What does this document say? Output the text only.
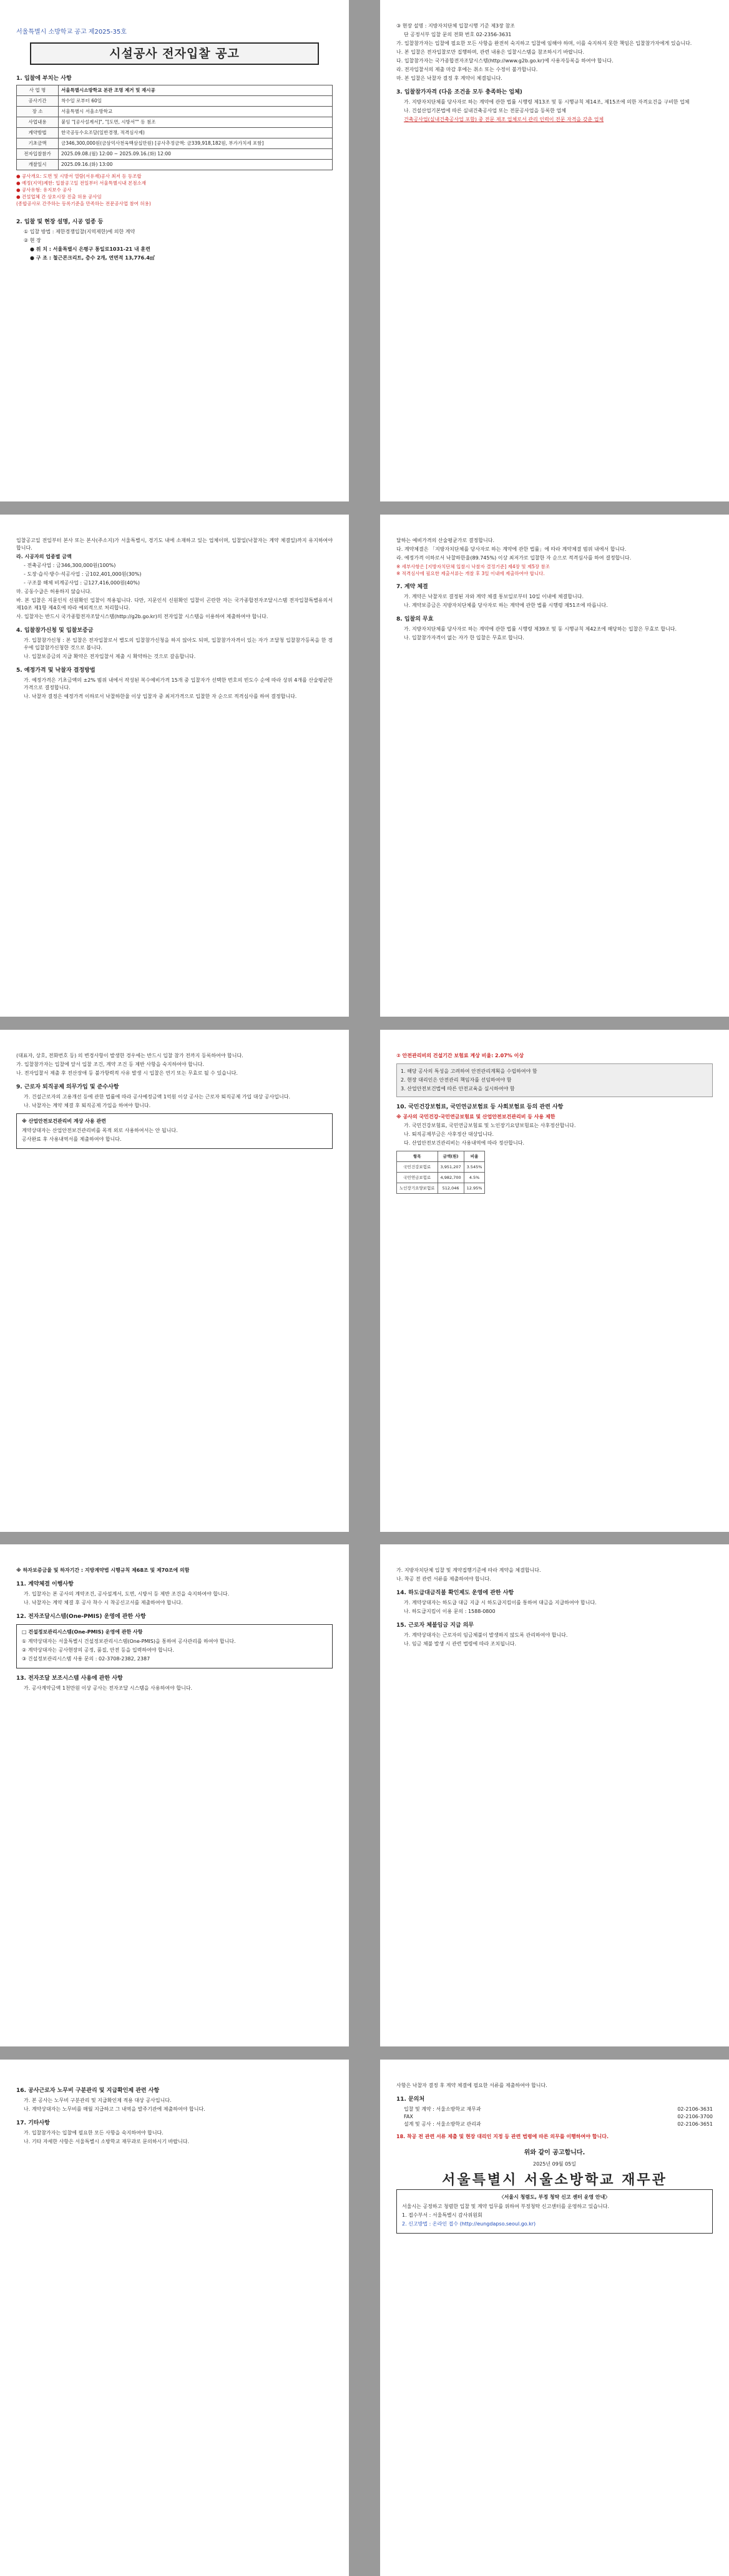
서울특별시 소방학교 공고 제2025-35호
시설공사 전자입찰 공고
1. 입찰에 부치는 사항
사 업 명	서울특별시소방학교 본관 조명 제거 및 재시공
공사기간	착수일 로부터 60일
장 소	서울특별시 서울소방학교
사업내용	붙임 "[공사설계서]", "[도면, 시방서"" 등 첨조
계약방법	한국공동수요조달(일반경쟁, 적격심사제)
기초금액	금346,300,000원(금삼억사천육백삼십만원) [공사추정금액: 금339,918,182원, 부가가치세 포함]
전자입찰참가	2025.09.08.(월) 12:00 ~ 2025.09.16.(화) 12:00
개찰일시	2025.09.16.(화) 13:00
● 공사개요: 도면 및 시방서 열람(서유재)공사 최저 등 등조합
● 예정(지역)제한: 입찰공고일 전일부터 서울특별시내 본점소재
● 공사유형: 유지보수 공사
● 건설업체 간 상호시장 진출 허용 공사임
(종합공사로 간주하는 등록기준을 만족하는 전문공사업 참여 허용)
2. 입찰 및 현장 설명, 시공 업종 등
① 입찰 방법 : 제한경쟁입찰(지역제한)에 의한 계약
② 현 장
● 위 치 : 서울특별시 은평구 통일로1031-21 내 훈련
● 구 조 : 철근콘크리트, 층수 2개, 연면적 13,776.4㎡
③ 현장 설명 : 지방자치단체 입찰시행 기준 제3장 참조
단 공정서부 입찰 문의 전화 번호 02-2356-3631
가. 입찰참가자는 입찰에 필요한 모든 사항을 완전히 숙지하고 입찰에 임해야 하며, 이를 숙지하지 못한 책임은 입찰참가자에게 있습니다.
나. 본 입찰은 전자입찰로만 집행하며, 관련 내용은 입찰시스템을 참조하시기 바랍니다.
다. 입찰참가자는 국가종합전자조달시스템(http://www.g2b.go.kr)에 사용자등록을 하여야 합니다.
라. 전자입찰서의 제출 마감 후에는 취소 또는 수정이 불가합니다.
마. 본 입찰은 낙찰자 결정 후 계약이 체결됩니다.
3. 입찰참가자격 (다음 조건을 모두 충족하는 업체)
가. 지방자치단체를 당사자로 하는 계약에 관한 법률 시행령 제13조 및 동 시행규칙 제14조, 제15조에 의한 자격요건을 구비한 업체
나. 건설산업기본법에 따른 실내건축공사업 또는 전문공사업을 등록한 업체
건축공사업(실내건축공사업 포함) 중 전문 제조 업체로서 관리 인력이 전문 자격을 갖춘 업체
입찰공고일 전일부터 본사 또는 본사(주소지)가 서울특별시, 경기도 내에 소재하고 있는 업체이며, 입찰일(낙찰자는 계약 체결일)까지 유지하여야 합니다.
라. 시공자의 업종별 금액
- 전축공사업 : 금346,300,000원(100%)
- 도장·습식·방수·석공사업 : 금102,401,000원(30%)
- 구조물 해체 비계공사업 : 금127,416,000원(40%)
마. 공동수급은 허용하지 않습니다.
바. 본 입찰은 지문인식 신원확인 입찰이 적용됩니다. 다만, 지문인식 신원확인 입찰이 곤란한 자는 국가종합전자조달시스템 전자입찰특별유의서 제10조 제1항 제4호에 따라 예외적으로 처리합니다.
사. 입찰자는 반드시 국가종합전자조달시스템(http://g2b.go.kr)의 전자입찰 시스템을 이용하여 제출하여야 합니다.
4. 입찰참가신청 및 입찰보증금
가. 입찰참가신청 : 본 입찰은 전자입찰로서 별도의 입찰참가신청을 하지 않아도 되며, 입찰참가자격이 있는 자가 조달청 입찰참가등록을 한 경우에 입찰참가신청한 것으로 봅니다.
나. 입찰보증금의 지급 확약은 전자입찰서 제출 시 확약하는 것으로 갈음합니다.
5. 예정가격 및 낙찰자 결정방법
가. 예정가격은 기초금액의 ±2% 범위 내에서 작성된 복수예비가격 15개 중 입찰자가 선택한 번호의 빈도수 순에 따라 상위 4개를 산술평균한 가격으로 결정합니다.
나. 낙찰자 결정은 예정가격 이하로서 낙찰하한율 이상 입찰자 중 최저가격으로 입찰한 자 순으로 적격심사를 하여 결정합니다.
달하는 예비가격의 산술평균가로 결정합니다.
다. 계약체결은 「지방자치단체를 당사자로 하는 계약에 관한 법률」에 따라 계약체결 범위 내에서 합니다.
라. 예정가격 이하로서 낙찰하한율(89.745%) 이상 최저가로 입찰한 자 순으로 적격심사를 하여 결정합니다.
※ 세부사항은 [지방자치단체 입찰시 낙찰자 결정기준] 제4장 및 제5장 참조
※ 적격심사에 필요한 제출서류는 개찰 후 3일 이내에 제출하여야 합니다.
7. 계약 체결
가. 계약은 낙찰자로 결정된 자와 계약 체결 통보일로부터 10일 이내에 체결합니다.
나. 계약보증금은 지방자치단체를 당사자로 하는 계약에 관한 법률 시행령 제51조에 따릅니다.
8. 입찰의 무효
가. 지방자치단체를 당사자로 하는 계약에 관한 법률 시행령 제39조 및 동 시행규칙 제42조에 해당하는 입찰은 무효로 합니다.
나. 입찰참가자격이 없는 자가 한 입찰은 무효로 합니다.
(대표자, 상호, 전화번호 등) 의 변경사항이 발생한 경우에는 반드시 입찰 참가 전까지 등록하여야 합니다.
가. 입찰참가자는 입찰에 앞서 입찰 조건, 계약 조건 등 제반 사항을 숙지하여야 합니다.
나. 전자입찰서 제출 후 전산장애 등 불가항력적 사유 발생 시 입찰은 연기 또는 무효로 될 수 있습니다.
9. 근로자 퇴직공제 의무가입 및 준수사항
가. 건설근로자의 고용개선 등에 관한 법률에 따라 공사예정금액 1억원 이상 공사는 근로자 퇴직공제 가입 대상 공사입니다.
나. 낙찰자는 계약 체결 후 퇴직공제 가입을 하여야 합니다.
※ 산업안전보건관리비 계상 사용 관련
계약상대자는 산업안전보건관리비를 목적 외로 사용하여서는 안 됩니다.
공사완료 후 사용내역서를 제출하여야 합니다.
② 안전관리비의 건설기간 보험료 계상 비율: 2.07% 이상
1. 해당 공사의 특성을 고려하여 안전관리계획을 수립하여야 함
2. 현장 대리인은 안전관리 책임자를 선임하여야 함
3. 산업안전보건법에 따른 안전교육을 실시하여야 함
10. 국민건강보험료, 국민연금보험료 등 사회보험료 등의 관련 사항
※ 공사의 국민건강·국민연금보험료 및 산업안전보건관리비 등 사용 제한
가. 국민건강보험료, 국민연금보험료 및 노인장기요양보험료는 사후정산합니다.
나. 퇴직공제부금은 사후정산 대상입니다.
다. 산업안전보건관리비는 사용내역에 따라 정산합니다.
항목	금액(원)	비율
국민건강보험료	3,951,207	3.545%
국민연금보험료	4,982,700	4.5%
노인장기요양보험료	512,046	12.95%
※ 하자보증금율 및 하자기간 : 지방계약법 시행규칙 제68조 및 제70조에 의함
11. 계약체결 이행사항
가. 입찰자는 본 공사의 계약조건, 공사설계서, 도면, 시방서 등 제반 조건을 숙지하여야 합니다.
나. 낙찰자는 계약 체결 후 공사 착수 시 착공신고서를 제출하여야 합니다.
12. 전자조달시스템(One-PMIS) 운영에 관한 사항
□ 건설정보관리시스템(One-PMIS) 운영에 관한 사항
① 계약상대자는 서울특별시 건설정보관리시스템(One-PMIS)을 통하여 공사관리를 하여야 합니다.
② 계약상대자는 공사현장의 공정, 품질, 안전 등을 입력하여야 합니다.
③ 건설정보관리시스템 사용 문의 : 02-3708-2382, 2387
13. 전자조달 보조시스템 사용에 관한 사항
가. 공사계약금액 1천만원 이상 공사는 전자조달 시스템을 사용하여야 합니다.
가. 지방자치단체 입찰 및 계약집행기준에 따라 계약을 체결합니다.
나. 착공 전 관련 서류를 제출하여야 합니다.
14. 하도급대금직불 확인제도 운영에 관한 사항
가. 계약상대자는 하도급 대금 지급 시 하도급지킴이를 통하여 대금을 지급하여야 합니다.
나. 하도급지킴이 이용 문의 : 1588-0800
15. 근로자 체불임금 지급 의무
가. 계약상대자는 근로자의 임금체불이 발생하지 않도록 관리하여야 합니다.
나. 임금 체불 발생 시 관련 법령에 따라 조치됩니다.
16. 공사근로자 노무비 구분관리 및 지급확인제 관련 사항
가. 본 공사는 노무비 구분관리 및 지급확인제 적용 대상 공사입니다.
나. 계약상대자는 노무비를 매월 지급하고 그 내역을 발주기관에 제출하여야 합니다.
17. 기타사항
가. 입찰참가자는 입찰에 필요한 모든 사항을 숙지하여야 합니다.
나. 기타 자세한 사항은 서울특별시 소방학교 재무과로 문의하시기 바랍니다.
사항은 낙찰자 결정 후 계약 체결에 필요한 서류를 제출하여야 합니다.
11. 문의처
입찰 및 계약 : 서울소방학교 재무과	02-2106-3631
FAX	02-2106-3700
설계 및 공사 : 서울소방학교 관리과	02-2106-3651
18. 착공 전 관련 서류 제출 및 현장 대리인 지정 등 관련 법령에 따른 의무를 이행하여야 합니다.
위와 같이 공고합니다.
2025년 09월 05일
서울특별시 서울소방학교 재무관
〈서울시 청렴도, 부정 청탁 신고 센터 운영 안내〉
서울시는 공정하고 청렴한 입찰 및 계약 업무를 위하여 부정청탁 신고센터를 운영하고 있습니다.
1. 접수부서 : 서울특별시 감사위원회
2. 신고방법 : 온라인 접수 (http://eungdapso.seoul.go.kr)
